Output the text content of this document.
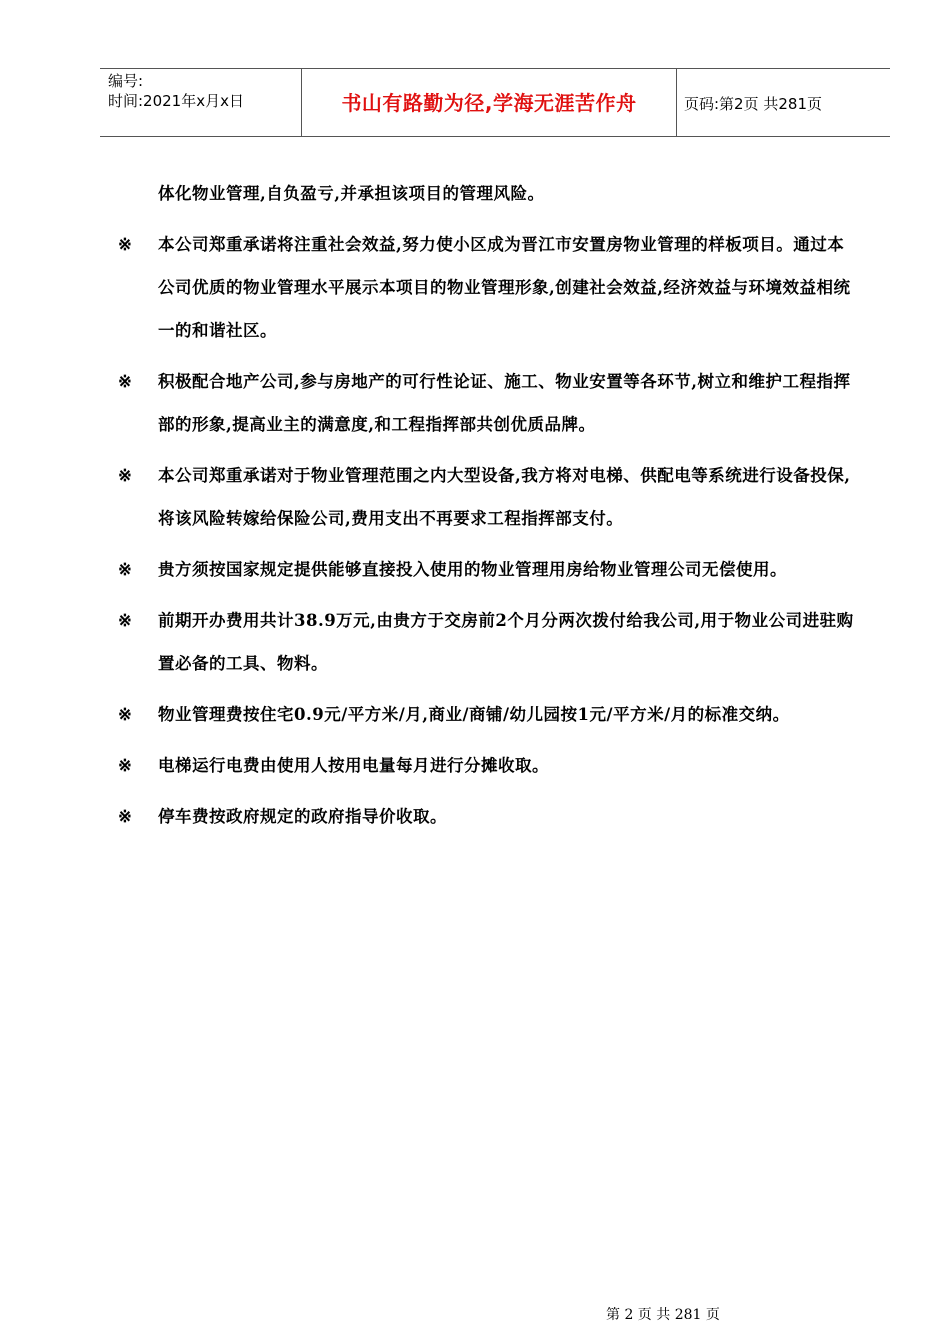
编号:
时间:2021年x月x日	书山有路勤为径,学海无涯苦作舟	页码:第2页 共281页
体化物业管理,自负盈亏,并承担该项目的管理风险。
※ 本公司郑重承诺将注重社会效益,努力使小区成为晋江市安置房物业管理的样板项目。通过本公司优质的物业管理水平展示本项目的物业管理形象,创建社会效益,经济效益与环境效益相统一的和谐社区。
※ 积极配合地产公司,参与房地产的可行性论证、施工、物业安置等各环节,树立和维护工程指挥部的形象,提高业主的满意度,和工程指挥部共创优质品牌。
※ 本公司郑重承诺对于物业管理范围之内大型设备,我方将对电梯、供配电等系统进行设备投保,将该风险转嫁给保险公司,费用支出不再要求工程指挥部支付。
※ 贵方须按国家规定提供能够直接投入使用的物业管理用房给物业管理公司无偿使用。
※ 前期开办费用共计38.9万元,由贵方于交房前2个月分两次拨付给我公司,用于物业公司进驻购置必备的工具、物料。
※ 物业管理费按住宅0.9元/平方米/月,商业/商铺/幼儿园按1元/平方米/月的标准交纳。
※ 电梯运行电费由使用人按用电量每月进行分摊收取。
※ 停车费按政府规定的政府指导价收取。
第 2 页 共 281 页
